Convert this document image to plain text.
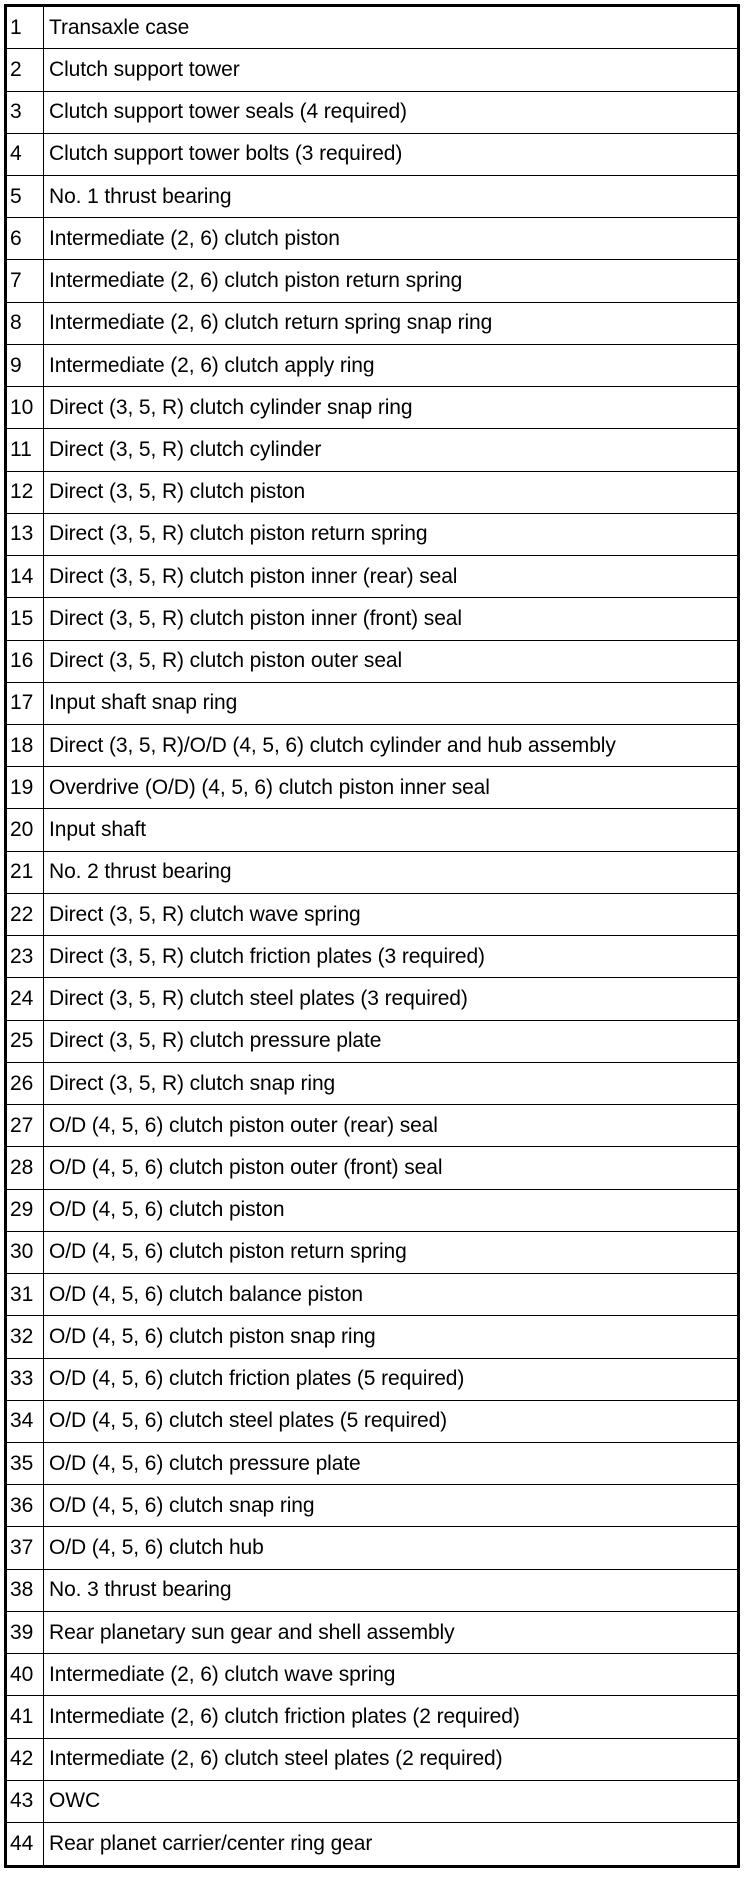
1	Transaxle case
2	Clutch support tower
3	Clutch support tower seals (4 required)
4	Clutch support tower bolts (3 required)
5	No. 1 thrust bearing
6	Intermediate (2, 6) clutch piston
7	Intermediate (2, 6) clutch piston return spring
8	Intermediate (2, 6) clutch return spring snap ring
9	Intermediate (2, 6) clutch apply ring
10	Direct (3, 5, R) clutch cylinder snap ring
11	Direct (3, 5, R) clutch cylinder
12	Direct (3, 5, R) clutch piston
13	Direct (3, 5, R) clutch piston return spring
14	Direct (3, 5, R) clutch piston inner (rear) seal
15	Direct (3, 5, R) clutch piston inner (front) seal
16	Direct (3, 5, R) clutch piston outer seal
17	Input shaft snap ring
18	Direct (3, 5, R)/O/D (4, 5, 6) clutch cylinder and hub assembly
19	Overdrive (O/D) (4, 5, 6) clutch piston inner seal
20	Input shaft
21	No. 2 thrust bearing
22	Direct (3, 5, R) clutch wave spring
23	Direct (3, 5, R) clutch friction plates (3 required)
24	Direct (3, 5, R) clutch steel plates (3 required)
25	Direct (3, 5, R) clutch pressure plate
26	Direct (3, 5, R) clutch snap ring
27	O/D (4, 5, 6) clutch piston outer (rear) seal
28	O/D (4, 5, 6) clutch piston outer (front) seal
29	O/D (4, 5, 6) clutch piston
30	O/D (4, 5, 6) clutch piston return spring
31	O/D (4, 5, 6) clutch balance piston
32	O/D (4, 5, 6) clutch piston snap ring
33	O/D (4, 5, 6) clutch friction plates (5 required)
34	O/D (4, 5, 6) clutch steel plates (5 required)
35	O/D (4, 5, 6) clutch pressure plate
36	O/D (4, 5, 6) clutch snap ring
37	O/D (4, 5, 6) clutch hub
38	No. 3 thrust bearing
39	Rear planetary sun gear and shell assembly
40	Intermediate (2, 6) clutch wave spring
41	Intermediate (2, 6) clutch friction plates (2 required)
42	Intermediate (2, 6) clutch steel plates (2 required)
43	OWC
44	Rear planet carrier/center ring gear
